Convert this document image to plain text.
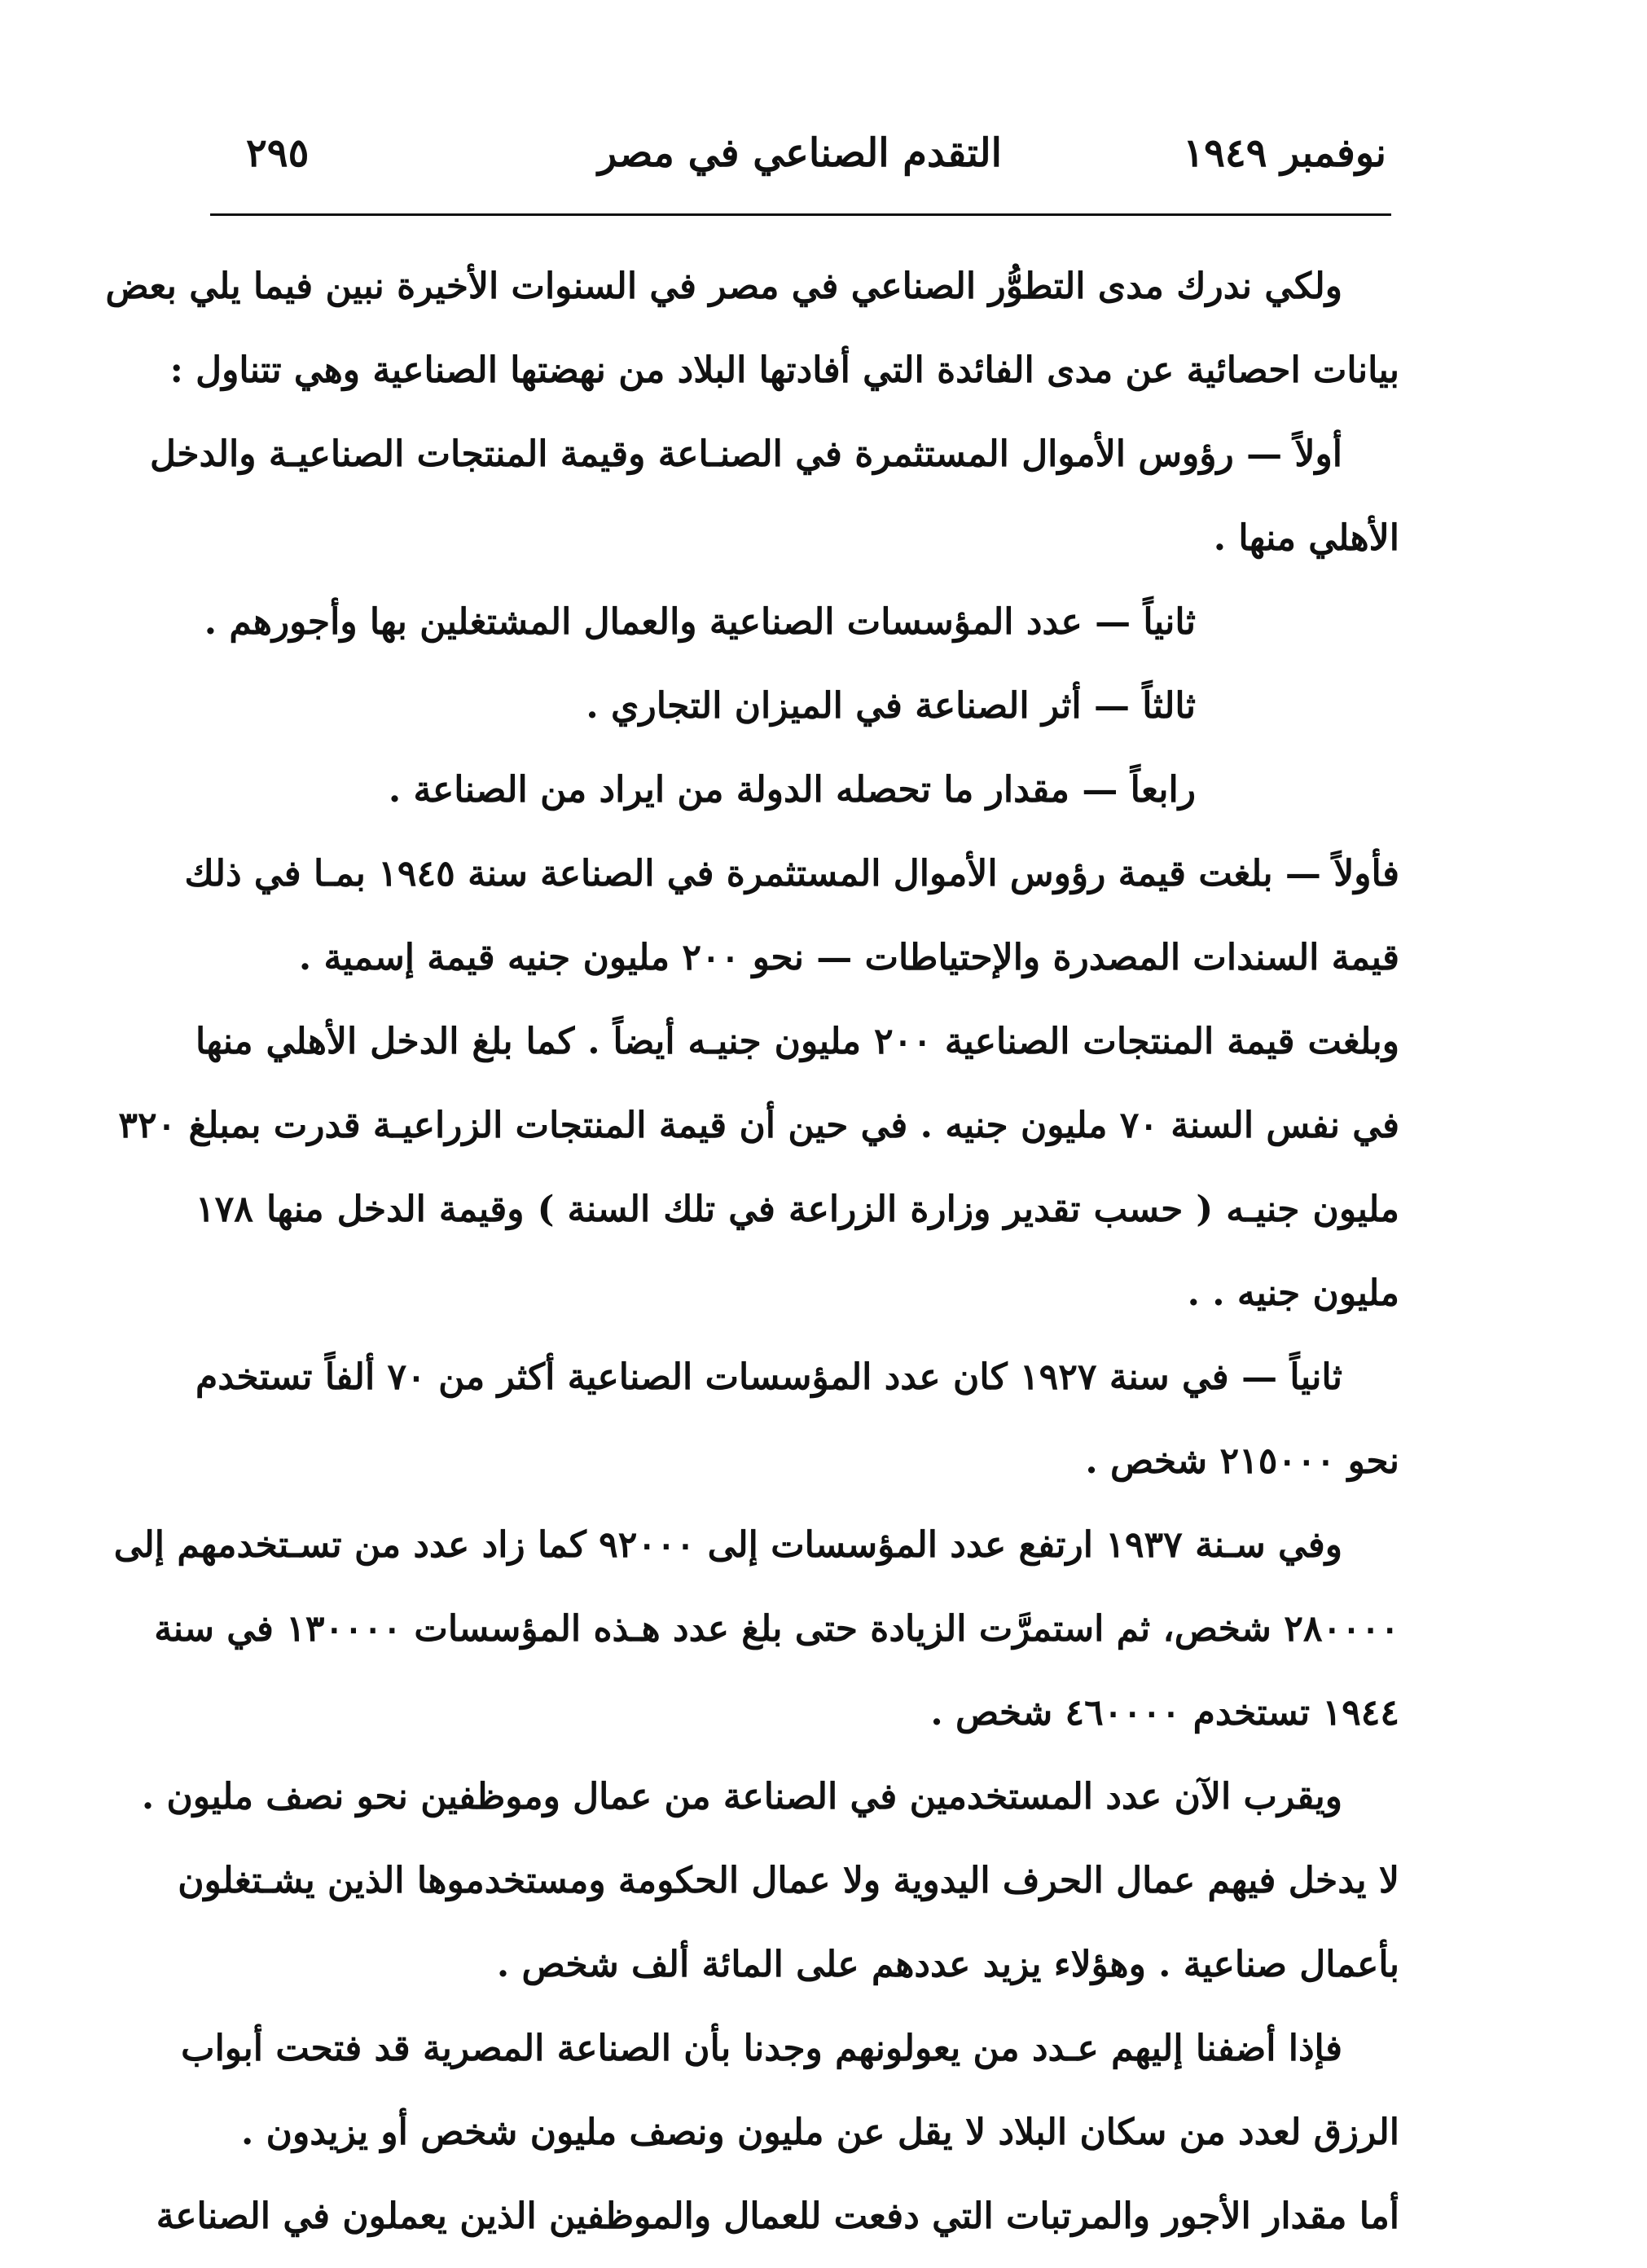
نوفمبر ١٩٤٩
التقدم الصناعي في مصر
٢٩٥
ولكي ندرك مدى التطوُّر الصناعي في مصر في السنوات الأخيرة نبين فيما يلي بعض
بيانات احصائية عن مدى الفائدة التي أفادتها البلاد من نهضتها الصناعية وهي تتناول :
أولاً — رؤوس الأموال المستثمرة في الصنـاعة وقيمة المنتجات الصناعيـة والدخل
الأهلي منها .
ثانياً — عدد المؤسسات الصناعية والعمال المشتغلين بها وأجورهم .
ثالثاً — أثر الصناعة في الميزان التجاري .
رابعاً — مقدار ما تحصله الدولة من ايراد من الصناعة .
فأولاً — بلغت قيمة رؤوس الأموال المستثمرة في الصناعة سنة ١٩٤٥ بمـا في ذلك
قيمة السندات المصدرة والإحتياطات — نحو ٢٠٠ مليون جنيه قيمة إسمية .
وبلغت قيمة المنتجات الصناعية ٢٠٠ مليون جنيـه أيضاً . كما بلغ الدخل الأهلي منها
في نفس السنة ٧٠ مليون جنيه . في حين أن قيمة المنتجات الزراعيـة قدرت بمبلغ ٣٢٠
مليون جنيـه ( حسب تقدير وزارة الزراعة في تلك السنة ) وقيمة الدخل منها ١٧٨
مليون جنيه . .
ثانياً — في سنة ١٩٢٧ كان عدد المؤسسات الصناعية أكثر من ٧٠ ألفاً تستخدم
نحو ٢١٥٠٠٠ شخص .
وفي سـنة ١٩٣٧ ارتفع عدد المؤسسات إلى ٩٢٠٠٠ كما زاد عدد من تسـتخدمهم إلى
٢٨٠٠٠٠ شخص، ثم استمرَّت الزيادة حتى بلغ عدد هـذه المؤسسات ١٣٠٠٠٠ في سنة
١٩٤٤ تستخدم ٤٦٠٠٠٠ شخص .
ويقرب الآن عدد المستخدمين في الصناعة من عمال وموظفين نحو نصف مليون .
لا يدخل فيهم عمال الحرف اليدوية ولا عمال الحكومة ومستخدموها الذين يشـتغلون
بأعمال صناعية . وهؤلاء يزيد عددهم على المائة ألف شخص .
فإذا أضفنا إليهم عـدد من يعولونهم وجدنا بأن الصناعة المصرية قد فتحت أبواب
الرزق لعدد من سكان البلاد لا يقل عن مليون ونصف مليون شخص أو يزيدون .
أما مقدار الأجور والمرتبات التي دفعت للعمال والموظفين الذين يعملون في الصناعة
